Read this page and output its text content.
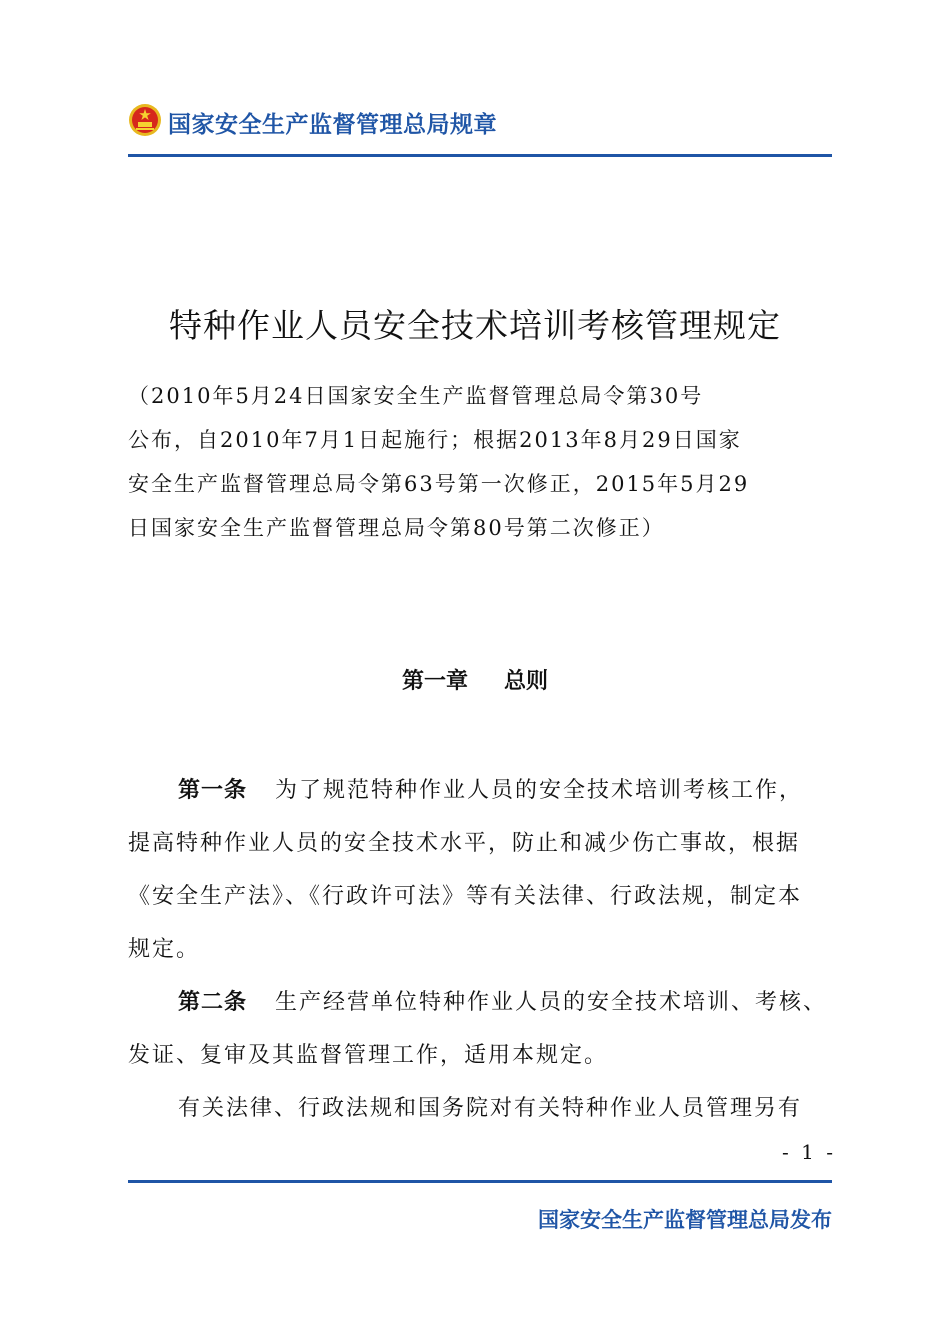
国家安全生产监督管理总局规章
特种作业人员安全技术培训考核管理规定
（2010年5月24日国家安全生产监督管理总局令第30号
公布，自2010年7月1日起施行；根据2013年8月29日国家
安全生产监督管理总局令第63号第一次修正，2015年5月29
日国家安全生产监督管理总局令第80号第二次修正）
第一章 总则
第一条 为了规范特种作业人员的安全技术培训考核工作，
提高特种作业人员的安全技术水平，防止和减少伤亡事故，根据
《安全生产法》、《行政许可法》等有关法律、行政法规，制定本
规定。
第二条 生产经营单位特种作业人员的安全技术培训、考核、
发证、复审及其监督管理工作，适用本规定。
有关法律、行政法规和国务院对有关特种作业人员管理另有
- 1 -
国家安全生产监督管理总局发布
